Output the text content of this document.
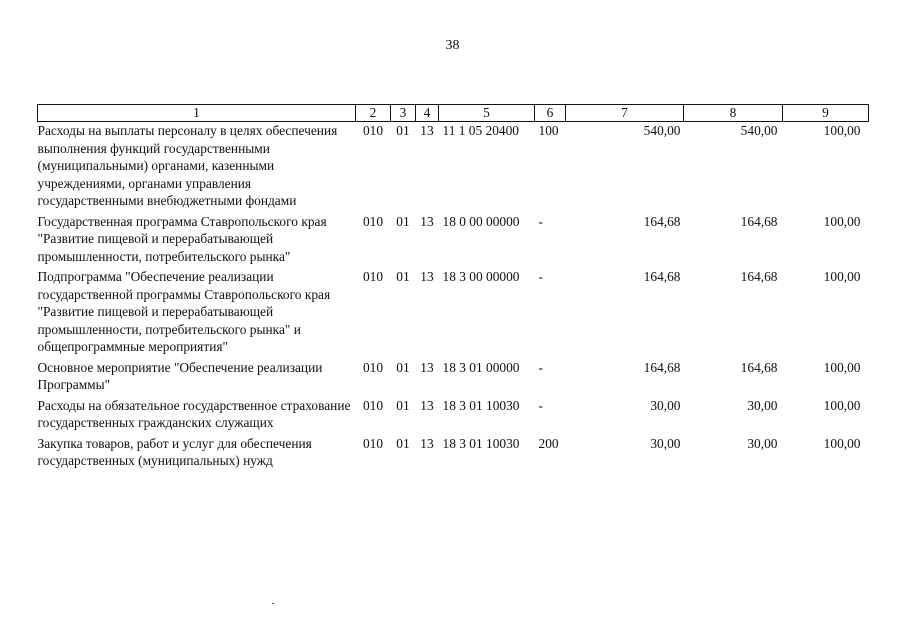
38
1	2	3	4	5	6	7	8	9
Расходы на выплаты персоналу в целях обеспечения выполнения функций государственными (муниципальными) органами, казенными учреждениями, органами управления государственными внебюджетными фондами	010	01	13	11 1 05 20400	100	540,00	540,00	100,00
Государственная программа Ставропольского края "Развитие пищевой и перерабатывающей промышленности, потребительского рынка"	010	01	13	18 0 00 00000	-	164,68	164,68	100,00
Подпрограмма "Обеспечение реализации государственной программы Ставропольского края "Развитие пищевой и перерабатывающей промышленности, потребительского рынка" и общепрограммные мероприятия"	010	01	13	18 3 00 00000	-	164,68	164,68	100,00
Основное мероприятие "Обеспечение реализации Программы"	010	01	13	18 3 01 00000	-	164,68	164,68	100,00
Расходы на обязательное государственное страхование государственных гражданских служащих	010	01	13	18 3 01 10030	-	30,00	30,00	100,00
Закупка товаров, работ и услуг для обеспечения государственных (муниципальных) нужд	010	01	13	18 3 01 10030	200	30,00	30,00	100,00
